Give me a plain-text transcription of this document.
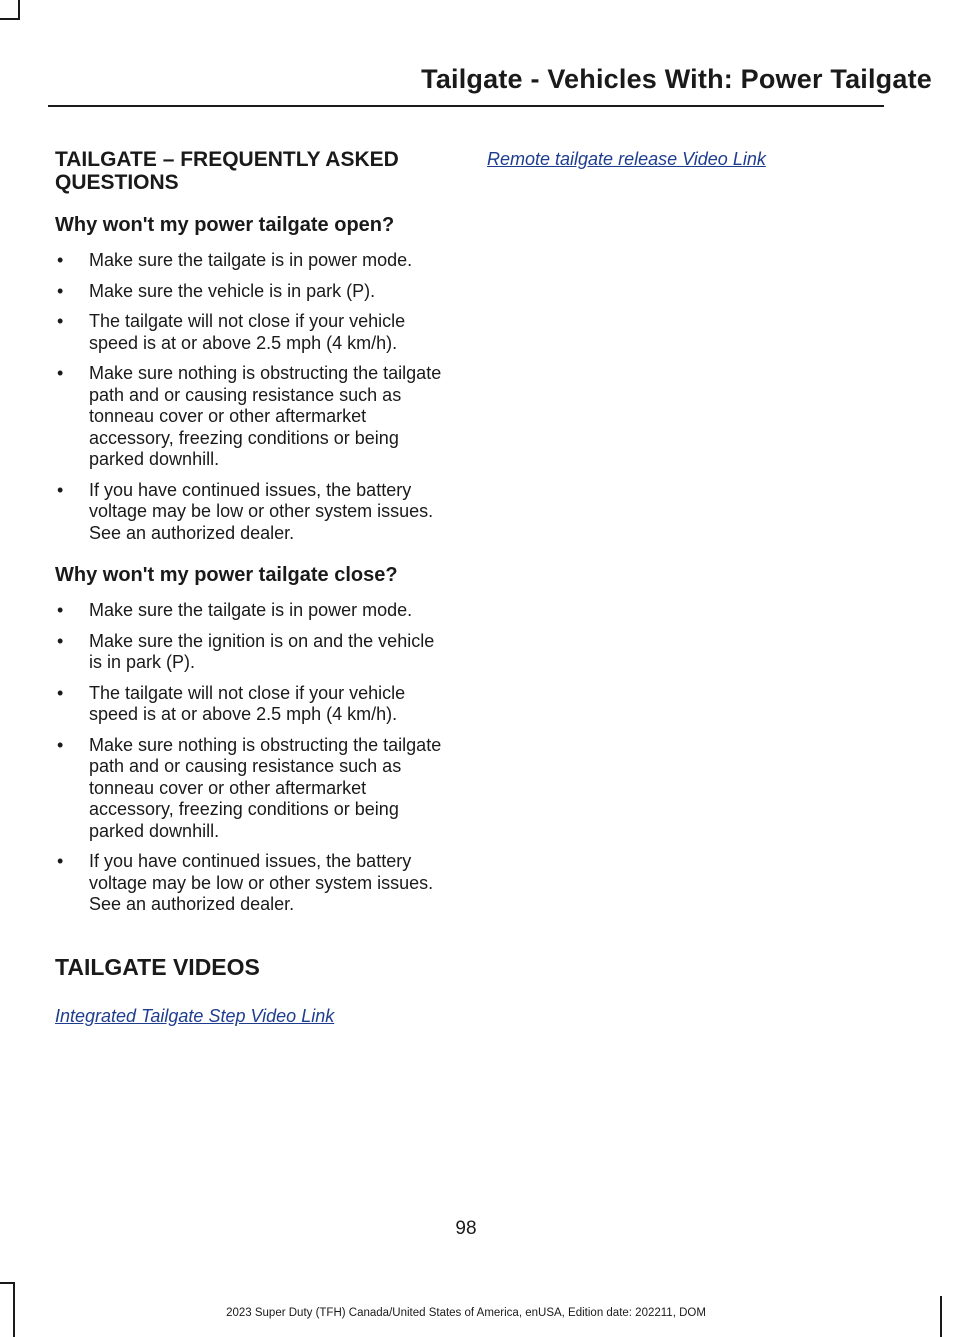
Tailgate - Vehicles With: Power Tailgate
TAILGATE – FREQUENTLY ASKED QUESTIONS
Why won't my power tailgate open?
• Make sure the tailgate is in power mode.
• Make sure the vehicle is in park (P).
• The tailgate will not close if your vehicle speed is at or above 2.5 mph (4 km/h).
• Make sure nothing is obstructing the tailgate path and or causing resistance such as tonneau cover or other aftermarket accessory, freezing conditions or being parked downhill.
• If you have continued issues, the battery voltage may be low or other system issues. See an authorized dealer.
Why won't my power tailgate close?
• Make sure the tailgate is in power mode.
• Make sure the ignition is on and the vehicle is in park (P).
• The tailgate will not close if your vehicle speed is at or above 2.5 mph (4 km/h).
• Make sure nothing is obstructing the tailgate path and or causing resistance such as tonneau cover or other aftermarket accessory, freezing conditions or being parked downhill.
• If you have continued issues, the battery voltage may be low or other system issues. See an authorized dealer.
TAILGATE VIDEOS
Integrated Tailgate Step Video Link
Remote tailgate release Video Link
98
2023 Super Duty (TFH) Canada/United States of America, enUSA, Edition date: 202211, DOM
